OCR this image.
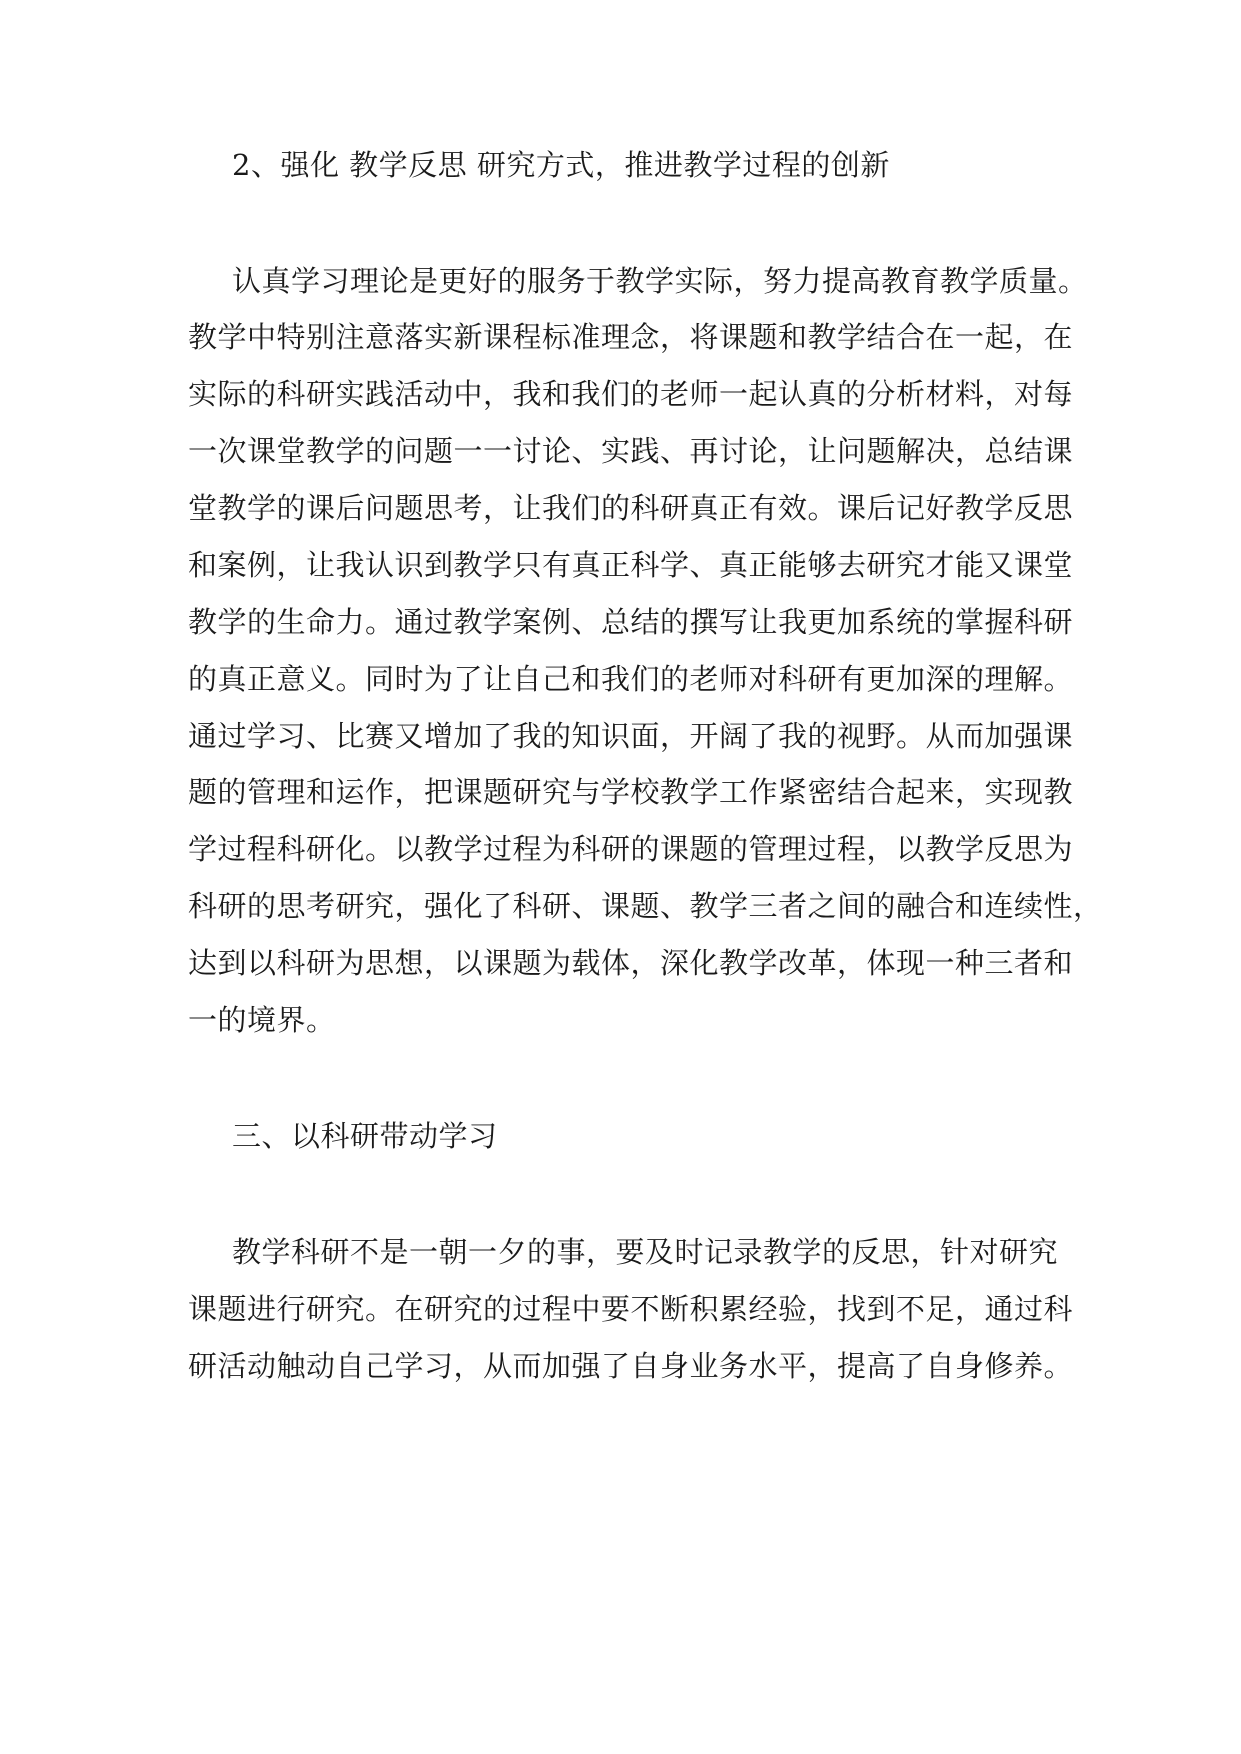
2、强化 教学反思 研究方式，推进教学过程的创新
认真学习理论是更好的服务于教学实际，努力提高教育教学质量。
教学中特别注意落实新课程标准理念，将课题和教学结合在一起，在
实际的科研实践活动中，我和我们的老师一起认真的分析材料，对每
一次课堂教学的问题一一讨论、实践、再讨论，让问题解决，总结课
堂教学的课后问题思考，让我们的科研真正有效。课后记好教学反思
和案例，让我认识到教学只有真正科学、真正能够去研究才能又课堂
教学的生命力。通过教学案例、总结的撰写让我更加系统的掌握科研
的真正意义。同时为了让自己和我们的老师对科研有更加深的理解。
通过学习、比赛又增加了我的知识面，开阔了我的视野。从而加强课
题的管理和运作，把课题研究与学校教学工作紧密结合起来，实现教
学过程科研化。以教学过程为科研的课题的管理过程，以教学反思为
科研的思考研究，强化了科研、课题、教学三者之间的融合和连续性，
达到以科研为思想，以课题为载体，深化教学改革，体现一种三者和
一的境界。
三、以科研带动学习
教学科研不是一朝一夕的事，要及时记录教学的反思，针对研究
课题进行研究。在研究的过程中要不断积累经验，找到不足，通过科
研活动触动自己学习，从而加强了自身业务水平，提高了自身修养。
